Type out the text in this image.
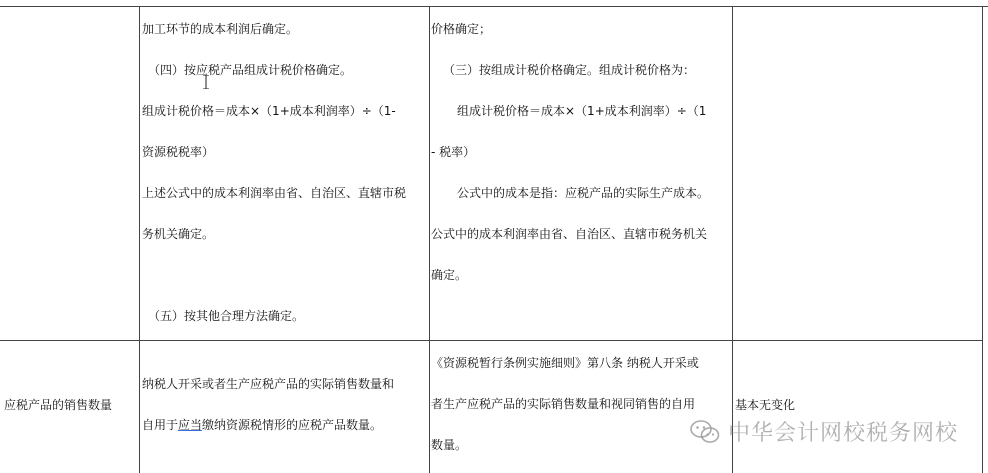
加工环节的成本利润后确定。

（四）按应税产品组成计税价格确定。

组成计税价格＝成本×（1+成本利润率）÷（1-

资源税税率）

上述公式中的成本利润率由省、自治区、直辖市税

务机关确定。

（五）按其他合理方法确定。

价格确定；

（三）按组成计税价格确定。组成计税价格为：

组成计税价格＝成本×（1+成本利润率）÷（1

- 税率）

公式中的成本是指：应税产品的实际生产成本。

公式中的成本利润率由省、自治区、直辖市税务机关

确定。

应税产品的销售数量

纳税人开采或者生产应税产品的实际销售数量和

自用于应当缴纳资源税情形的应税产品数量。

《资源税暂行条例实施细则》第八条 纳税人开采或

者生产应税产品的实际销售数量和视同销售的自用

数量。

基本无变化

中华会计网校税务网校
